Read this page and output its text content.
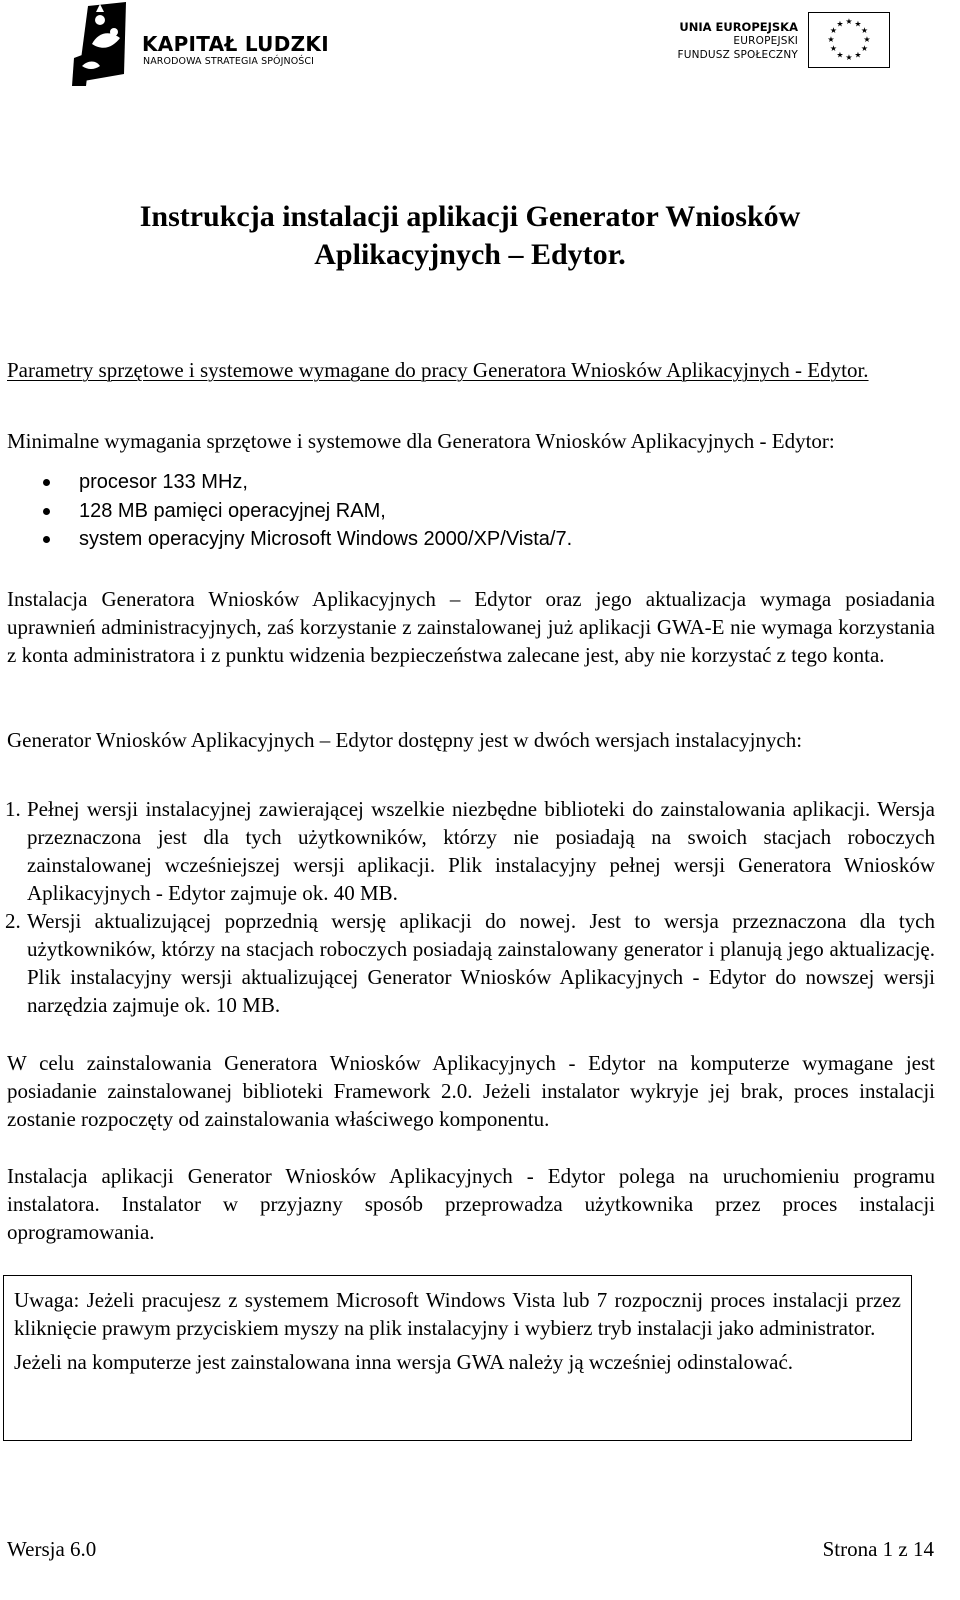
KAPITAŁ LUDZKI
NARODOWA STRATEGIA SPÓJNOŚCI
UNIA EUROPEJSKA
EUROPEJSKI
FUNDUSZ SPOŁECZNY
★ ★
★
★
★
★
★
★
★
★
★
★
Instrukcja instalacji aplikacji Generator Wniosków
Aplikacyjnych – Edytor.
Parametry sprzętowe i systemowe wymagane do pracy Generatora Wniosków Aplikacyjnych - Edytor.
Minimalne wymagania sprzętowe i systemowe dla Generatora Wniosków Aplikacyjnych - Edytor:
procesor 133 MHz,
128 MB pamięci operacyjnej RAM,
system operacyjny Microsoft Windows 2000/XP/Vista/7.
Instalacja Generatora Wniosków Aplikacyjnych – Edytor oraz jego aktualizacja wymaga posiadania uprawnień administracyjnych, zaś korzystanie z zainstalowanej już aplikacji GWA-E nie wymaga korzystania z konta administratora i z punktu widzenia bezpieczeństwa zalecane jest, aby nie korzystać z tego konta.
Generator Wniosków Aplikacyjnych – Edytor dostępny jest w dwóch wersjach instalacyjnych:
1. Pełnej wersji instalacyjnej zawierającej wszelkie niezbędne biblioteki do zainstalowania aplikacji. Wersja przeznaczona jest dla tych użytkowników, którzy nie posiadają na swoich stacjach roboczych zainstalowanej wcześniejszej wersji aplikacji. Plik instalacyjny pełnej wersji Generatora Wniosków Aplikacyjnych - Edytor zajmuje ok. 40 MB.
2. Wersji aktualizującej poprzednią wersję aplikacji do nowej. Jest to wersja przeznaczona dla tych użytkowników, którzy na stacjach roboczych posiadają zainstalowany generator i planują jego aktualizację. Plik instalacyjny wersji aktualizującej Generator Wniosków Aplikacyjnych - Edytor do nowszej wersji narzędzia zajmuje ok. 10 MB.
W celu zainstalowania Generatora Wniosków Aplikacyjnych - Edytor na komputerze wymagane jest posiadanie zainstalowanej biblioteki Framework 2.0. Jeżeli instalator wykryje jej brak, proces instalacji zostanie rozpoczęty od zainstalowania właściwego komponentu.
Instalacja aplikacji Generator Wniosków Aplikacyjnych - Edytor polega na uruchomieniu programu instalatora. Instalator w przyjazny sposób przeprowadza użytkownika przez proces instalacji oprogramowania.

Uwaga: Jeżeli pracujesz z systemem Microsoft Windows Vista lub 7 rozpocznij proces instalacji przez kliknięcie prawym przyciskiem myszy na plik instalacyjny i wybierz tryb instalacji jako administrator.

Jeżeli na komputerze jest zainstalowana inna wersja GWA należy ją wcześniej odinstalować.

Wersja 6.0	Strona 1 z 14
